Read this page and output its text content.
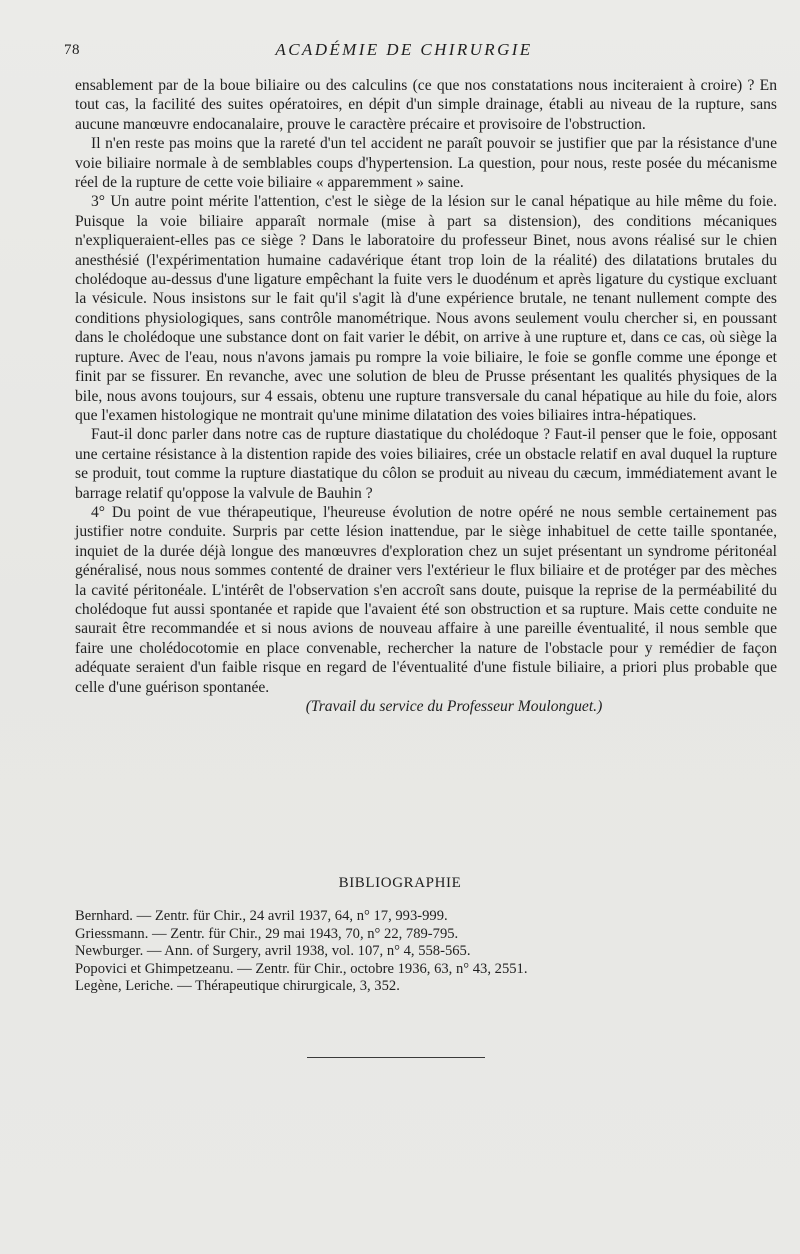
78	ACADÉMIE DE CHIRURGIE

ensablement par de la boue biliaire ou des calculins (ce que nos constatations nous inciteraient à croire) ? En tout cas, la facilité des suites opératoires, en dépit d'un simple drainage, établi au niveau de la rupture, sans aucune manœuvre endocanalaire, prouve le caractère précaire et provisoire de l'obstruction.

Il n'en reste pas moins que la rareté d'un tel accident ne paraît pouvoir se justifier que par la résistance d'une voie biliaire normale à de semblables coups d'hypertension. La question, pour nous, reste posée du mécanisme réel de la rupture de cette voie biliaire « apparemment » saine.

3° Un autre point mérite l'attention, c'est le siège de la lésion sur le canal hépatique au hile même du foie. Puisque la voie biliaire apparaît normale (mise à part sa distension), des conditions mécaniques n'expliqueraient-elles pas ce siège ? Dans le laboratoire du professeur Binet, nous avons réalisé sur le chien anesthésié (l'expérimentation humaine cadavérique étant trop loin de la réalité) des dilatations brutales du cholédoque au-dessus d'une ligature empêchant la fuite vers le duodénum et après ligature du cystique excluant la vésicule. Nous insistons sur le fait qu'il s'agit là d'une expérience brutale, ne tenant nullement compte des conditions physiologiques, sans contrôle manométrique. Nous avons seulement voulu chercher si, en poussant dans le cholédoque une substance dont on fait varier le débit, on arrive à une rupture et, dans ce cas, où siège la rupture. Avec de l'eau, nous n'avons jamais pu rompre la voie biliaire, le foie se gonfle comme une éponge et finit par se fissurer. En revanche, avec une solution de bleu de Prusse présentant les qualités physiques de la bile, nous avons toujours, sur 4 essais, obtenu une rupture transversale du canal hépatique au hile du foie, alors que l'examen histologique ne montrait qu'une minime dilatation des voies biliaires intra-hépatiques.

Faut-il donc parler dans notre cas de rupture diastatique du cholédoque ? Faut-il penser que le foie, opposant une certaine résistance à la distention rapide des voies biliaires, crée un obstacle relatif en aval duquel la rupture se produit, tout comme la rupture diastatique du côlon se produit au niveau du cæcum, immédiatement avant le barrage relatif qu'oppose la valvule de Bauhin ?

4° Du point de vue thérapeutique, l'heureuse évolution de notre opéré ne nous semble certainement pas justifier notre conduite. Surpris par cette lésion inattendue, par le siège inhabituel de cette taille spontanée, inquiet de la durée déjà longue des manœuvres d'exploration chez un sujet présentant un syndrome péritonéal généralisé, nous nous sommes contenté de drainer vers l'extérieur le flux biliaire et de protéger par des mèches la cavité péritonéale. L'intérêt de l'observation s'en accroît sans doute, puisque la reprise de la perméabilité du cholédoque fut aussi spontanée et rapide que l'avaient été son obstruction et sa rupture. Mais cette conduite ne saurait être recommandée et si nous avions de nouveau affaire à une pareille éventualité, il nous semble que faire une cholédocotomie en place convenable, rechercher la nature de l'obstacle pour y remédier de façon adéquate seraient d'un faible risque en regard de l'éventualité d'une fistule biliaire, a priori plus probable que celle d'une guérison spontanée.

(Travail du service du Professeur Moulonguet.)

BIBLIOGRAPHIE
Bernhard. — Zentr. für Chir., 24 avril 1937, 64, n° 17, 993-999.
Griessmann. — Zentr. für Chir., 29 mai 1943, 70, n° 22, 789-795.
Newburger. — Ann. of Surgery, avril 1938, vol. 107, n° 4, 558-565.
Popovici et Ghimpetzeanu. — Zentr. für Chir., octobre 1936, 63, n° 43, 2551.
Legène, Leriche. — Thérapeutique chirurgicale, 3, 352.
